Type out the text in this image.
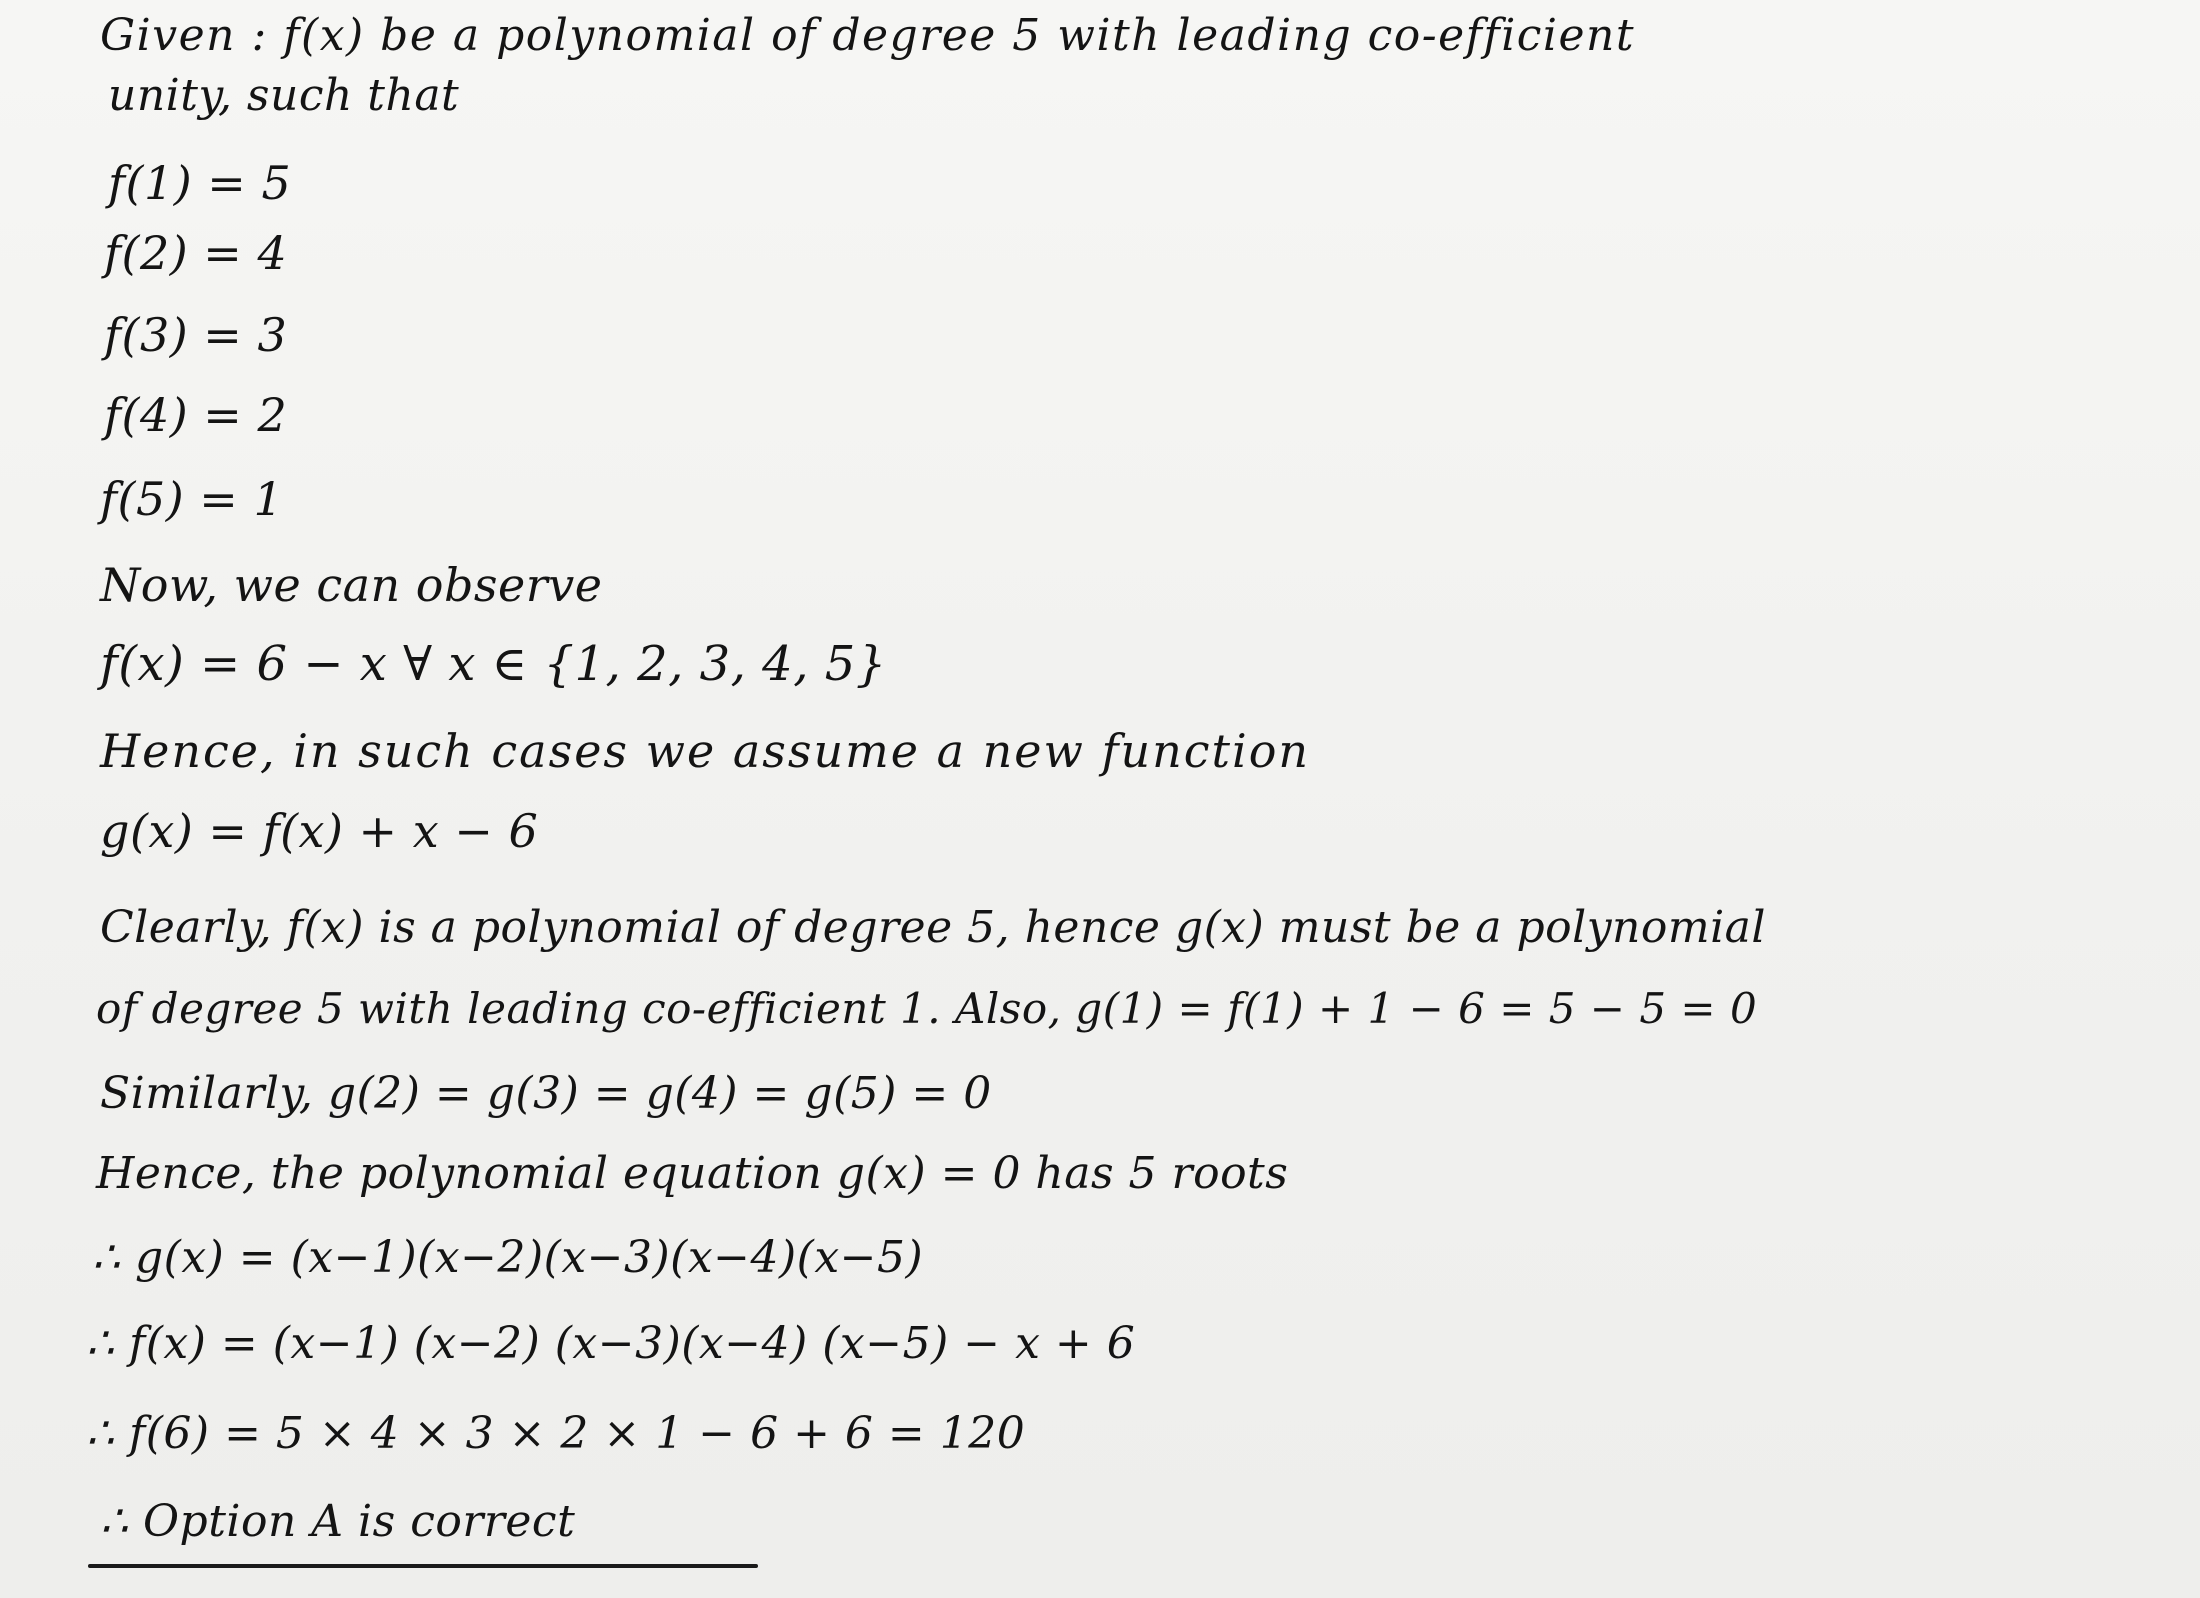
Given : f(x) be a polynomial of degree 5 with leading co-efficient
unity, such that
f(1) = 5
f(2) = 4
f(3) = 3
f(4) = 2
f(5) = 1
Now, we can observe
f(x) = 6 − x ∀ x ∈ {1, 2, 3, 4, 5}
Hence, in such cases we assume a new function
g(x) = f(x) + x − 6
Clearly, f(x) is a polynomial of degree 5, hence g(x) must be a polynomial
of degree 5 with leading co-efficient 1. Also, g(1) = f(1) + 1 − 6 = 5 − 5 = 0
Similarly, g(2) = g(3) = g(4) = g(5) = 0
Hence, the polynomial equation g(x) = 0 has 5 roots
∴ g(x) = (x−1)(x−2)(x−3)(x−4)(x−5)
∴ f(x) = (x−1) (x−2) (x−3)(x−4) (x−5) − x + 6
∴ f(6) = 5 × 4 × 3 × 2 × 1 − 6 + 6 = 120
∴ Option A is correct
